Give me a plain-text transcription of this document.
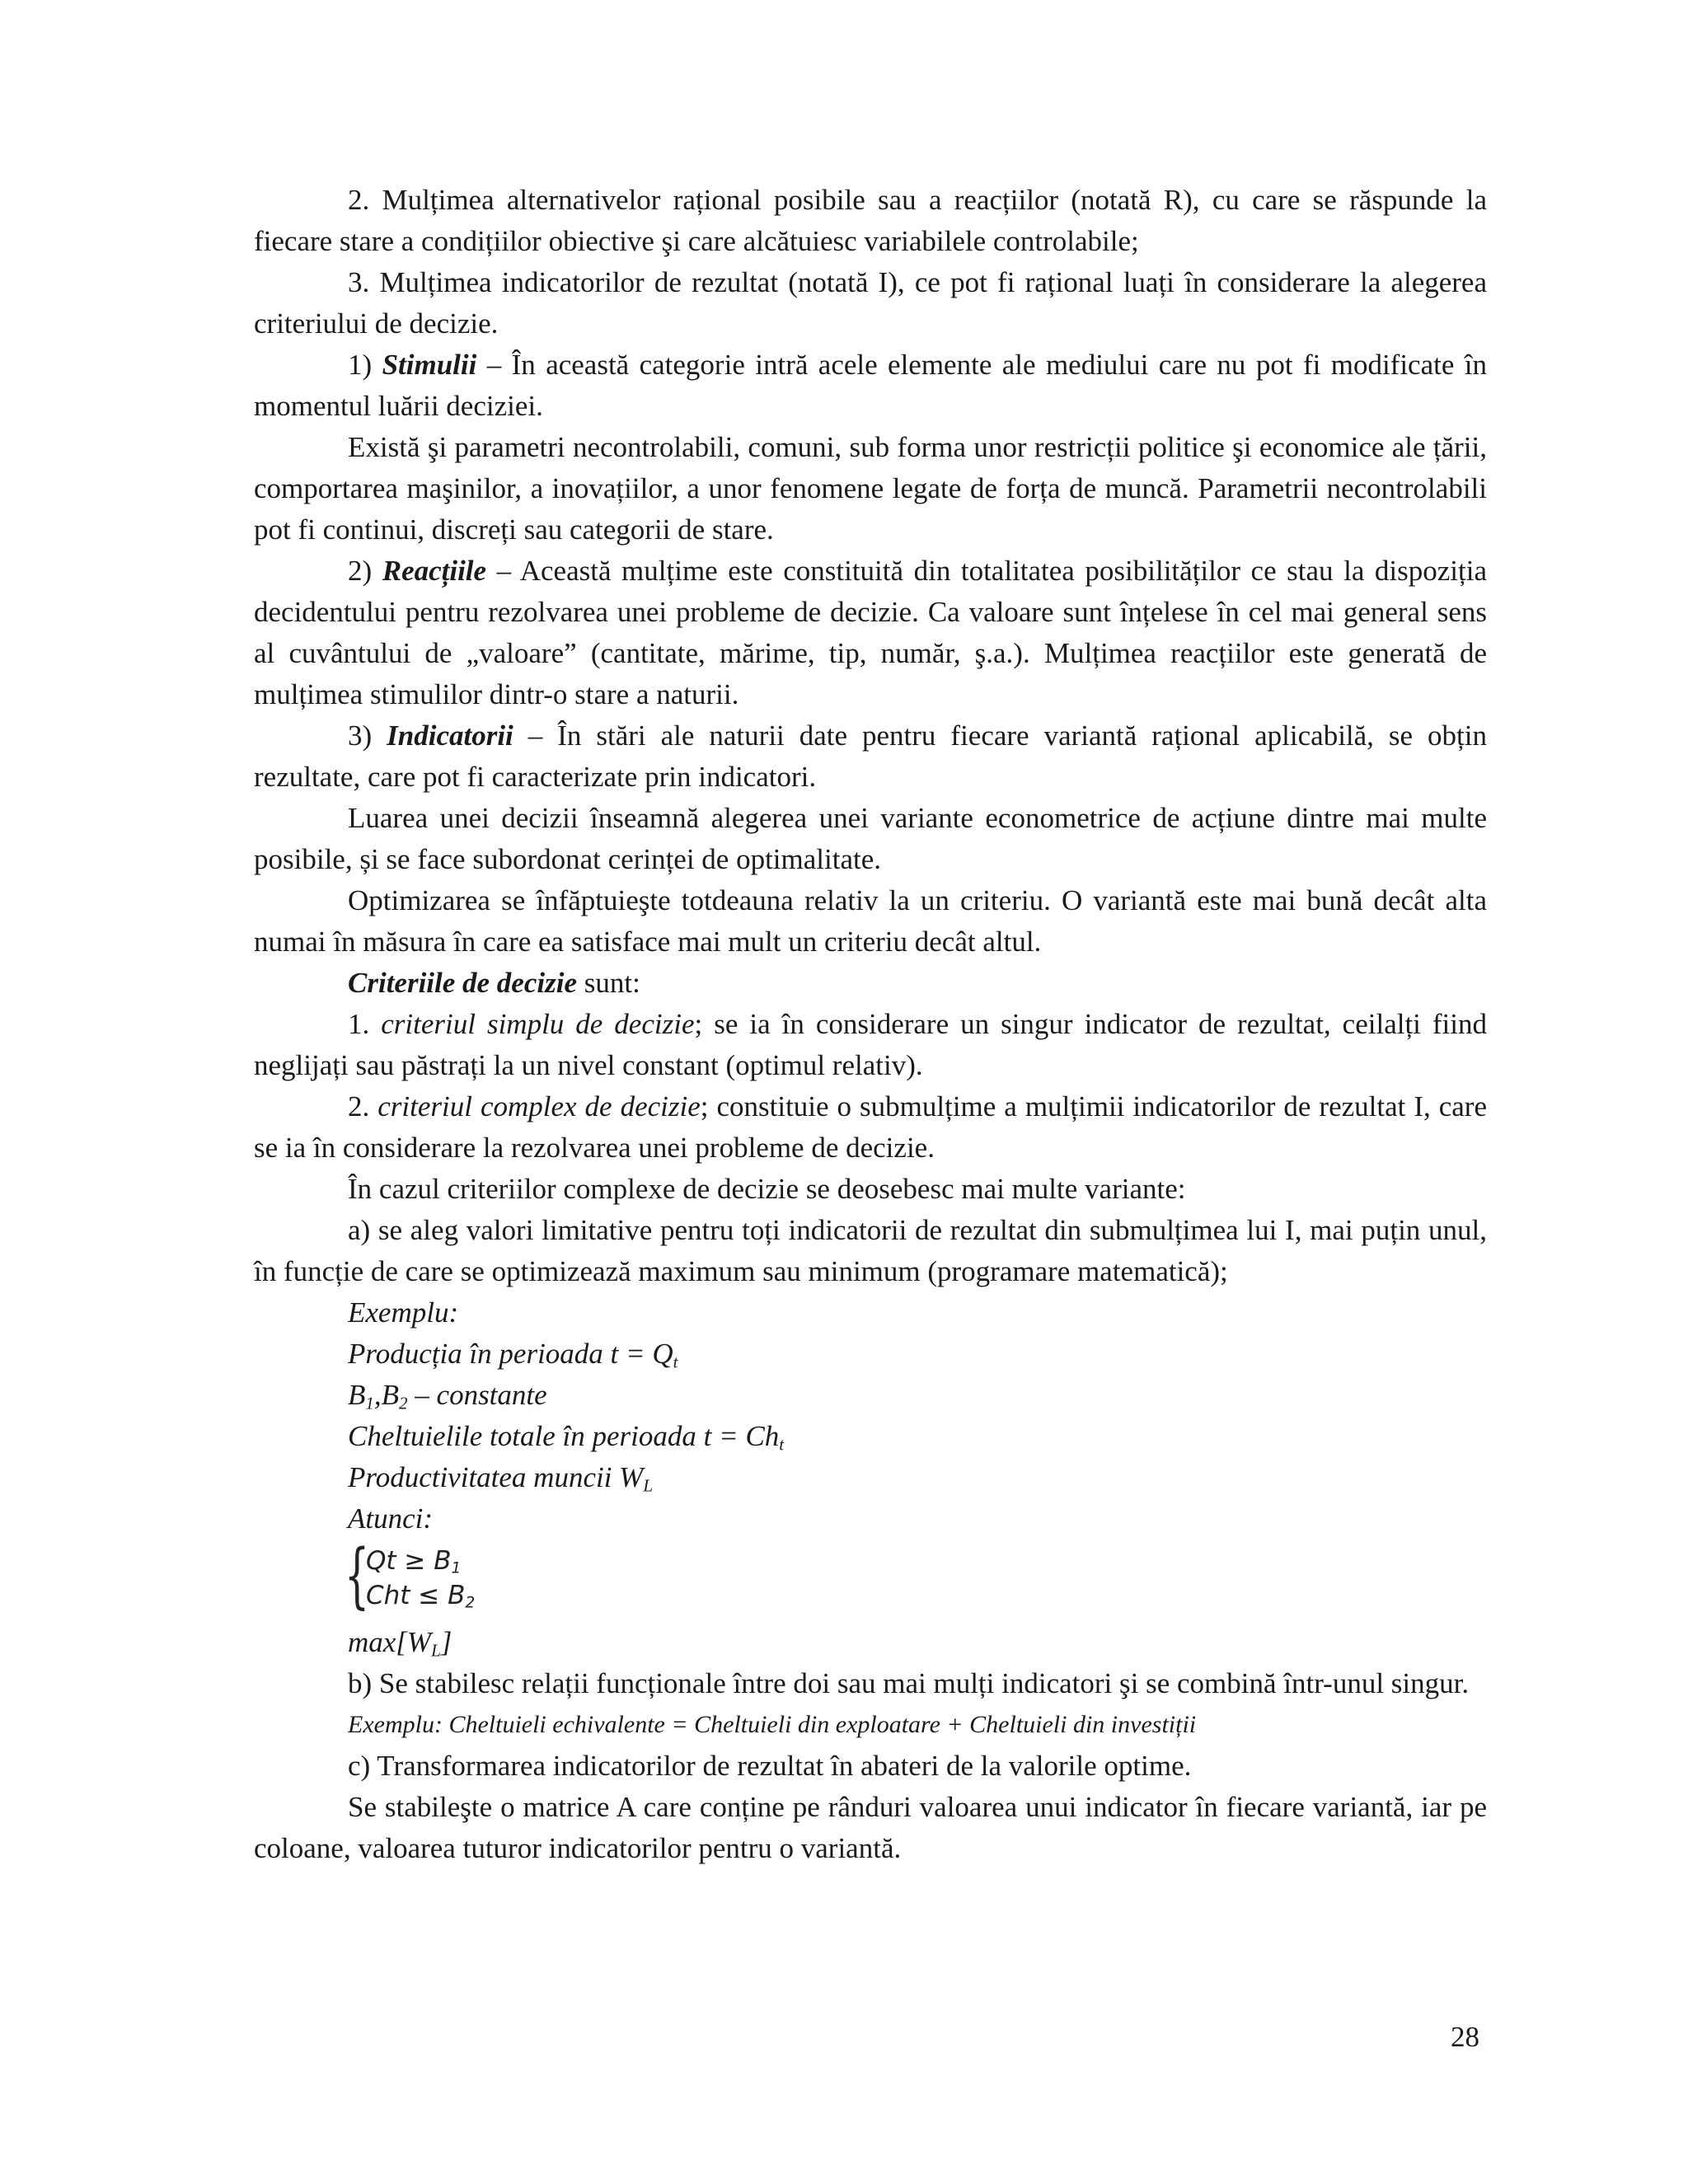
2. Mulțimea alternativelor rațional posibile sau a reacțiilor (notată R), cu care se răspunde la fiecare stare a condițiilor obiective şi care alcătuiesc variabilele controlabile;

3. Mulțimea indicatorilor de rezultat (notată I), ce pot fi rațional luați în considerare la alegerea criteriului de decizie.

1) Stimulii – În această categorie intră acele elemente ale mediului care nu pot fi modificate în momentul luării deciziei.

Există şi parametri necontrolabili, comuni, sub forma unor restricții politice şi economice ale țării, comportarea maşinilor, a inovațiilor, a unor fenomene legate de forța de muncă. Parametrii necontrolabili pot fi continui, discreți sau categorii de stare.

2) Reacțiile – Această mulțime este constituită din totalitatea posibilităților ce stau la dispoziția decidentului pentru rezolvarea unei probleme de decizie. Ca valoare sunt înțelese în cel mai general sens al cuvântului de „valoare” (cantitate, mărime, tip, număr, ş.a.). Mulțimea reacțiilor este generată de mulțimea stimulilor dintr-o stare a naturii.

3) Indicatorii – În stări ale naturii date pentru fiecare variantă rațional aplicabilă, se obțin rezultate, care pot fi caracterizate prin indicatori.

Luarea unei decizii înseamnă alegerea unei variante econometrice de acțiune dintre mai multe posibile, și se face subordonat cerinței de optimalitate.

Optimizarea se înfăptuieşte totdeauna relativ la un criteriu. O variantă este mai bună decât alta numai în măsura în care ea satisface mai mult un criteriu decât altul.

Criteriile de decizie sunt:

1. criteriul simplu de decizie; se ia în considerare un singur indicator de rezultat, ceilalți fiind neglijați sau păstrați la un nivel constant (optimul relativ).

2. criteriul complex de decizie; constituie o submulțime a mulțimii indicatorilor de rezultat I, care se ia în considerare la rezolvarea unei probleme de decizie.

În cazul criteriilor complexe de decizie se deosebesc mai multe variante:

a) se aleg valori limitative pentru toți indicatorii de rezultat din submulțimea lui I, mai puțin unul, în funcție de care se optimizează maximum sau minimum (programare matematică);

Exemplu:

Producția în perioada $t = Q_t$

$B_1,B_2$ – constante

Cheltuielile totale în perioada $t = Ch_t$

Productivitatea muncii $W_L$

Atunci:

{
$Qt \ge B_1$
Cht ≤ $B_2$

$\max[W_L]$

b) Se stabilesc relații funcționale între doi sau mai mulți indicatori şi se combină într-unul singur.

Exemplu: Cheltuieli echivalente = Cheltuieli din exploatare + Cheltuieli din investiții

c) Transformarea indicatorilor de rezultat în abateri de la valorile optime.

Se stabileşte o matrice A care conține pe rânduri valoarea unui indicator în fiecare variantă, iar pe coloane, valoarea tuturor indicatorilor pentru o variantă.

28
